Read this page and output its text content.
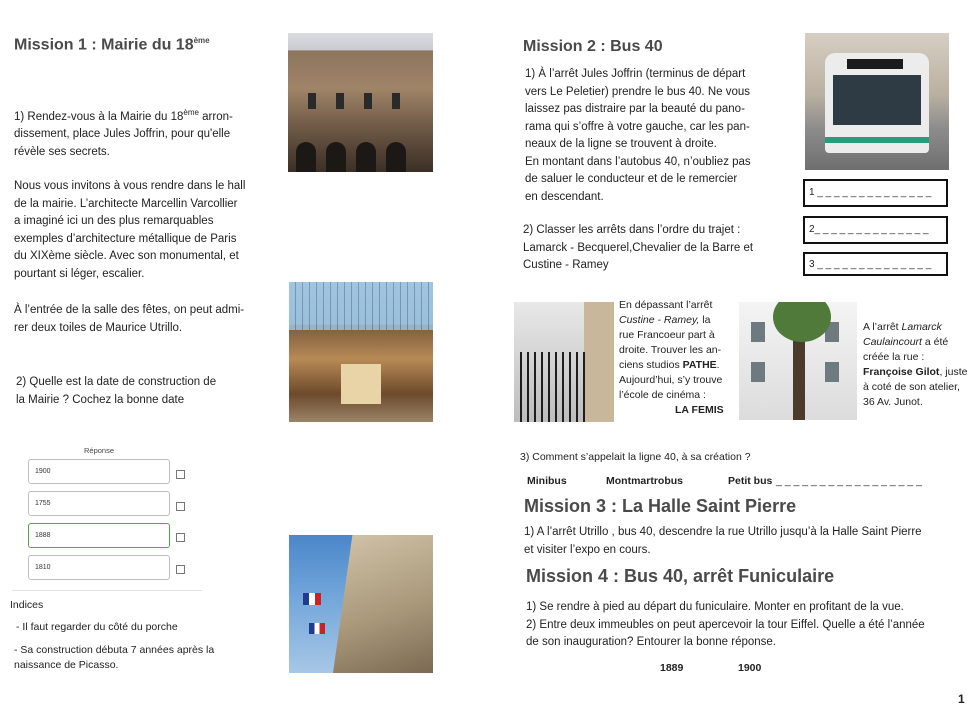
Mission 1 : Mairie du 18ème
1) Rendez-vous à la Mairie du 18ème arron-
dissement, place Jules Joffrin, pour qu'elle
révèle ses secrets.
Nous vous invitons à vous rendre dans le hall
de la mairie. L’architecte Marcellin Varcollier
a imaginé ici un des plus remarquables
exemples d’architecture métallique de Paris
du XIXème siècle. Avec son monumental, et
pourtant si léger, escalier.
À l’entrée de la salle des fêtes, on peut admi-
rer deux toiles de Maurice Utrillo.
2) Quelle est la date de construction de
la Mairie ? Cochez la bonne date
Réponse
1900
1755
1888
1810
Indices
- Il faut regarder du côté du porche
- Sa construction débuta 7 années après la
naissance de Picasso.
Mission 2 : Bus 40
1) À l’arrêt Jules Joffrin (terminus de départ
vers Le Peletier) prendre le bus 40. Ne vous
laissez pas distraire par la beauté du pano-
rama qui s’offre à votre gauche, car les pan-
neaux de la ligne se trouvent à droite.
En montant dans l’autobus 40, n’oubliez pas
de saluer le conducteur et de le remercier
en descendant.	1 _ _ _ _ _ _ _ _ _ _ _ _ _ _
2_ _ _ _ _ _ _ _ _ _ _ _ _ _
3 _ _ _ _ _ _ _ _ _ _ _ _ _ _
2) Classer les arrêts dans l’ordre du trajet :
Lamarck - Becquerel,Chevalier de la Barre et
Custine - Ramey
En dépassant l’arrêt
Custine - Ramey, la
rue Francoeur part à
droite. Trouver les an-
ciens studios PATHE.
Aujourd’hui, s’y trouve
l’école de cinéma :
LA FEMIS
A l’arrêt Lamarck
Caulaincourt a été
créée la rue :
Françoise Gilot, juste
à coté de son atelier,
36 Av. Junot.
3) Comment s’appelait la ligne 40, à sa création ?
Minibus	Montmartrobus	Petit bus _ _ _ _ _ _ _ _ _ _ _ _ _ _ _ _ _
Mission 3 : La Halle Saint Pierre
1) A l’arrêt Utrillo , bus 40, descendre la rue Utrillo jusqu’à la Halle Saint Pierre
et visiter l’expo en cours.
Mission 4 : Bus 40, arrêt Funiculaire
1) Se rendre à pied au départ du funiculaire. Monter en profitant de la vue.
2) Entre deux immeubles on peut apercevoir la tour Eiffel. Quelle a été l’année
de son inauguration? Entourer la bonne réponse.
1889	1900
1
